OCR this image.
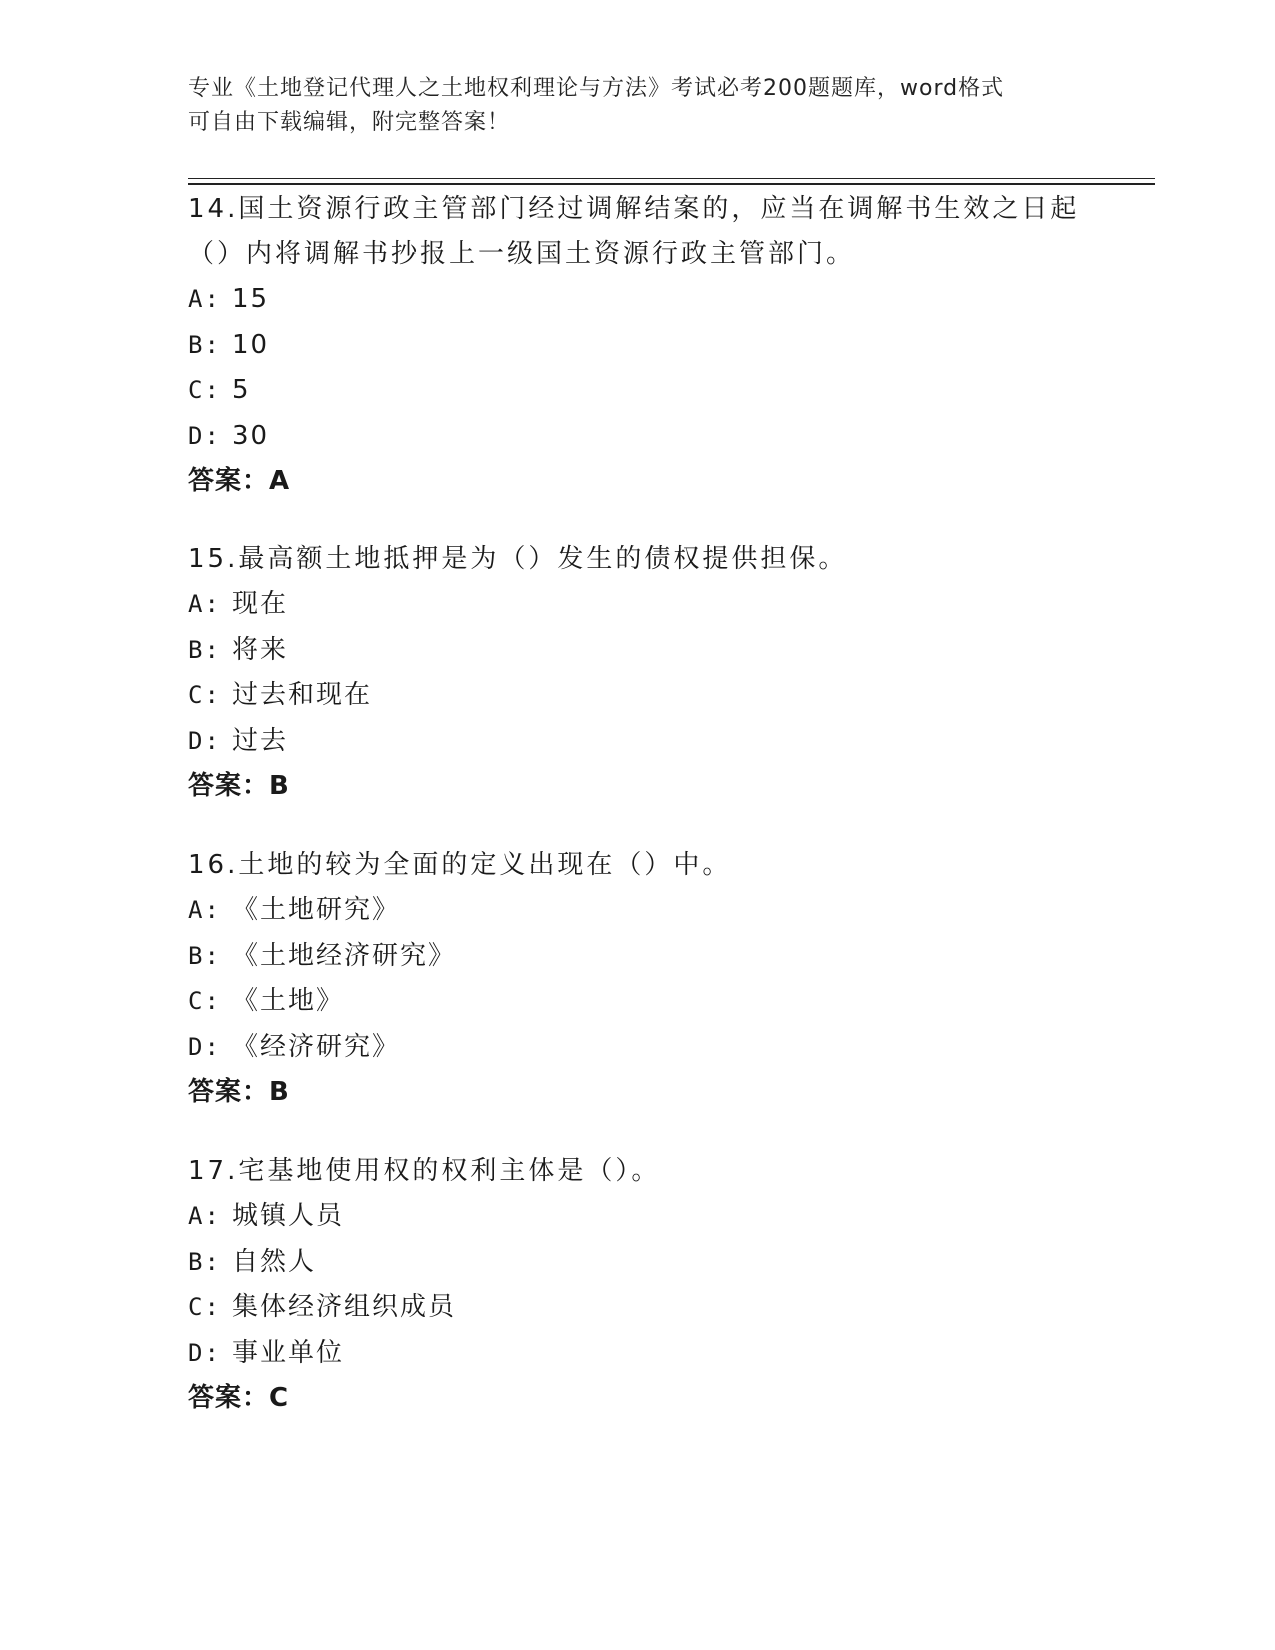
专业《土地登记代理人之土地权利理论与方法》考试必考200题题库，word格式
可自由下载编辑，附完整答案！

14.国土资源行政主管部门经过调解结案的，应当在调解书生效之日起（）内将调解书抄报上一级国土资源行政主管部门。

A: 15
B: 10
C: 5
D: 30
答案：A

15.最高额土地抵押是为（）发生的债权提供担保。

A: 现在
B: 将来
C: 过去和现在
D: 过去
答案：B

16.土地的较为全面的定义出现在（）中。

A: 《土地研究》
B: 《土地经济研究》
C: 《土地》
D: 《经济研究》
答案：B

17.宅基地使用权的权利主体是（）。

A: 城镇人员
B: 自然人
C: 集体经济组织成员
D: 事业单位
答案：C
